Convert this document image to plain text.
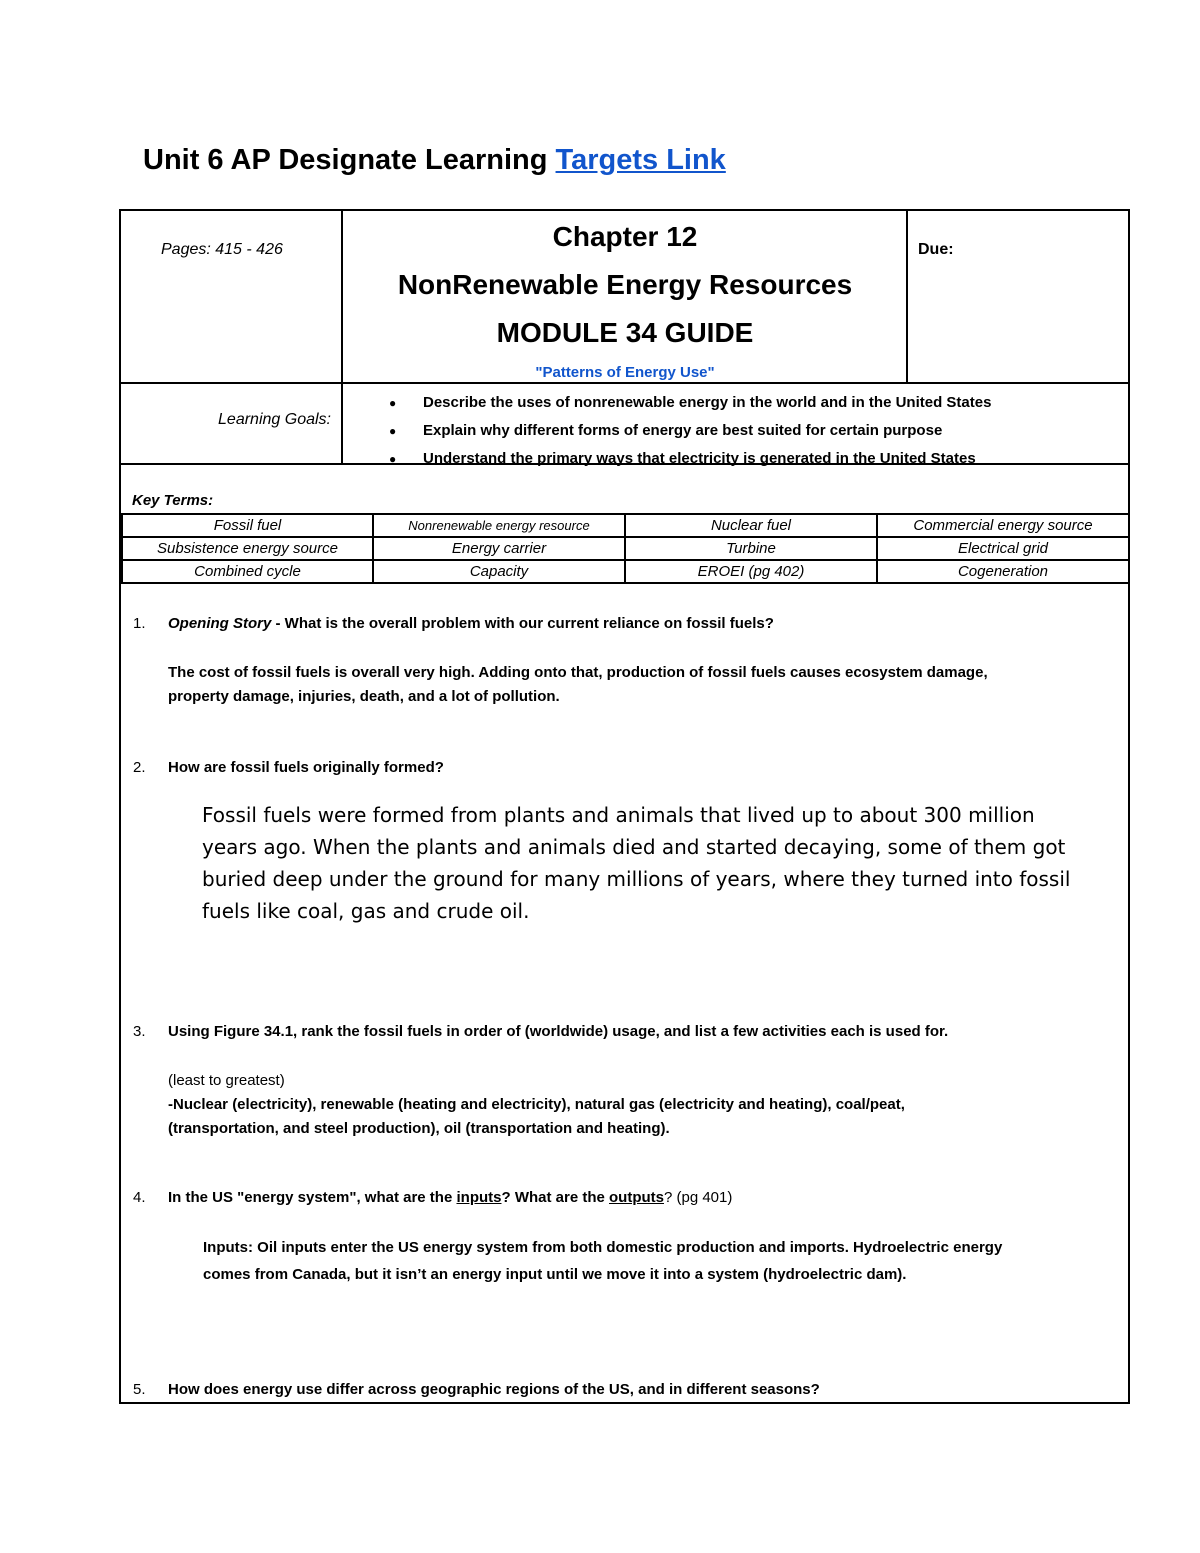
Unit 6 AP Designate Learning Targets Link
Pages: 415 - 426	Due:
Chapter 12
NonRenewable Energy Resources
MODULE 34 GUIDE
"Patterns of Energy Use"
Learning Goals:
● Describe the uses of nonrenewable energy in the world and in the United States
● Explain why different forms of energy are best suited for certain purpose
● Understand the primary ways that electricity is generated in the United States
Key Terms:
Fossil fuel	Nonrenewable energy resource	Nuclear fuel	Commercial energy source
Subsistence energy source	Energy carrier	Turbine	Electrical grid
Combined cycle	Capacity	EROEI (pg 402)	Cogeneration
1. Opening Story - What is the overall problem with our current reliance on fossil fuels?
The cost of fossil fuels is overall very high. Adding onto that, production of fossil fuels causes ecosystem damage,
property damage, injuries, death, and a lot of pollution.
2. How are fossil fuels originally formed?
Fossil fuels were formed from plants and animals that lived up to about 300 million
years ago. When the plants and animals died and started decaying, some of them got
buried deep under the ground for many millions of years, where they turned into fossil
fuels like coal, gas and crude oil.
3. Using Figure 34.1, rank the fossil fuels in order of (worldwide) usage, and list a few activities each is used for.
(least to greatest)
-Nuclear (electricity), renewable (heating and electricity), natural gas (electricity and heating), coal/peat,
(transportation, and steel production), oil (transportation and heating).
4. In the US "energy system", what are the inputs? What are the outputs? (pg 401)
Inputs: Oil inputs enter the US energy system from both domestic production and imports. Hydroelectric energy
comes from Canada, but it isn’t an energy input until we move it into a system (hydroelectric dam).
5. How does energy use differ across geographic regions of the US, and in different seasons?
